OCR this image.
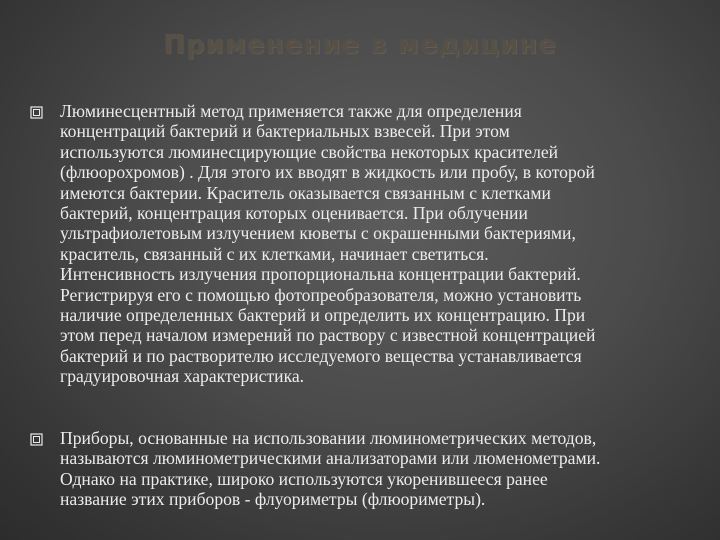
Применение в медицине
Люминесцентный метод применяется также для определения
концентраций бактерий и бактериальных взвесей. При этом
используются люминесцирующие свойства некоторых красителей
(флюорохромов) . Для этого их вводят в жидкость или пробу, в которой
имеются бактерии. Краситель оказывается связанным с клетками
бактерий, концентрация которых оценивается. При облучении
ультрафиолетовым излучением кюветы с окрашенными бактериями,
краситель, связанный с их клетками, начинает светиться.
Интенсивность излучения пропорциональна концентрации бактерий.
Регистрируя его с помощью фотопреобразователя, можно установить
наличие определенных бактерий и определить их концентрацию. При
этом перед началом измерений по раствору с известной концентрацией
бактерий и по растворителю исследуемого вещества устанавливается
градуировочная характеристика.
Приборы, основанные на использовании люминометрических методов,
называются люминометрическими анализаторами или люменометрами.
Однако на практике, широко используются укоренившееся ранее
название этих приборов - флуориметры (флюориметры).
